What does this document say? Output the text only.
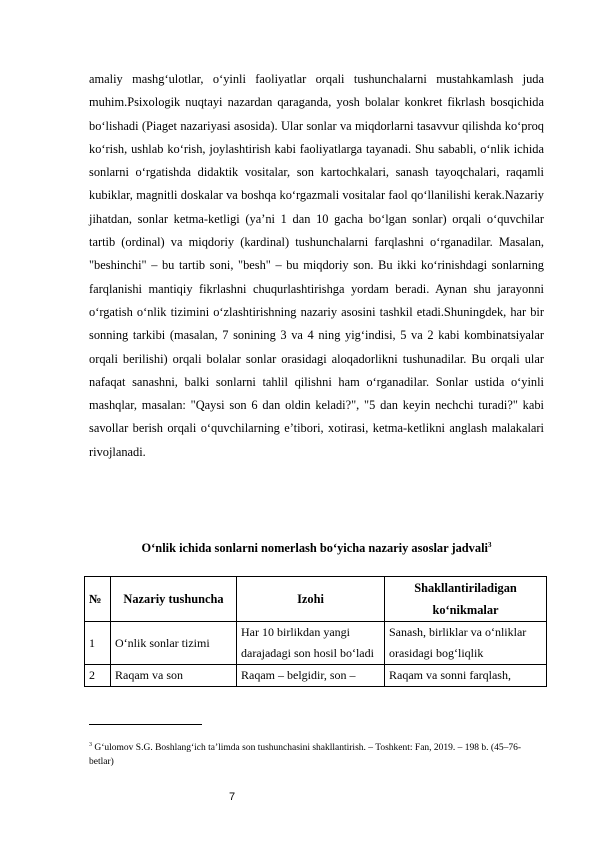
amaliy mashg‘ulotlar, o‘yinli faoliyatlar orqali tushunchalarni mustahkamlash juda muhim.Psixologik nuqtayi nazardan qaraganda, yosh bolalar konkret fikrlash bosqichida bo‘lishadi (Piaget nazariyasi asosida). Ular sonlar va miqdorlarni tasavvur qilishda ko‘proq ko‘rish, ushlab ko‘rish, joylashtirish kabi faoliyatlarga tayanadi. Shu sababli, o‘nlik ichida sonlarni o‘rgatishda didaktik vositalar, son kartochkalari, sanash tayoqchalari, raqamli kubiklar, magnitli doskalar va boshqa ko‘rgazmali vositalar faol qo‘llanilishi kerak.Nazariy jihatdan, sonlar ketma-ketligi (ya’ni 1 dan 10 gacha bo‘lgan sonlar) orqali o‘quvchilar tartib (ordinal) va miqdoriy (kardinal) tushunchalarni farqlashni o‘rganadilar. Masalan, "beshinchi" – bu tartib soni, "besh" – bu miqdoriy son. Bu ikki ko‘rinishdagi sonlarning farqlanishi mantiqiy fikrlashni chuqurlashtirishga yordam beradi. Aynan shu jarayonni o‘rgatish o‘nlik tizimini o‘zlashtirishning nazariy asosini tashkil etadi.Shuningdek, har bir sonning tarkibi (masalan, 7 sonining 3 va 4 ning yig‘indisi, 5 va 2 kabi kombinatsiyalar orqali berilishi) orqali bolalar sonlar orasidagi aloqadorlikni tushunadilar. Bu orqali ular nafaqat sanashni, balki sonlarni tahlil qilishni ham o‘rganadilar. Sonlar ustida o‘yinli mashqlar, masalan: "Qaysi son 6 dan oldin keladi?", "5 dan keyin nechchi turadi?" kabi savollar berish orqali o‘quvchilarning e’tibori, xotirasi, ketma-ketlikni anglash malakalari rivojlanadi.

O‘nlik ichida sonlarni nomerlash bo‘yicha nazariy asoslar jadvali$^3$

№	Nazariy tushuncha	Izohi	Shakllantiriladigan ko‘nikmalar
1	O‘nlik sonlar tizimi	Har 10 birlikdan yangi darajadagi son hosil bo‘ladi	Sanash, birliklar va o‘nliklar orasidagi bog‘liqlik
2	Raqam va son	Raqam – belgidir, son –	Raqam va sonni farqlash,

$^3$ G‘ulomov S.G. Boshlang‘ich ta’limda son tushunchasini shakllantirish. – Toshkent: Fan, 2019. – 198 b. (45–76-betlar)

7
